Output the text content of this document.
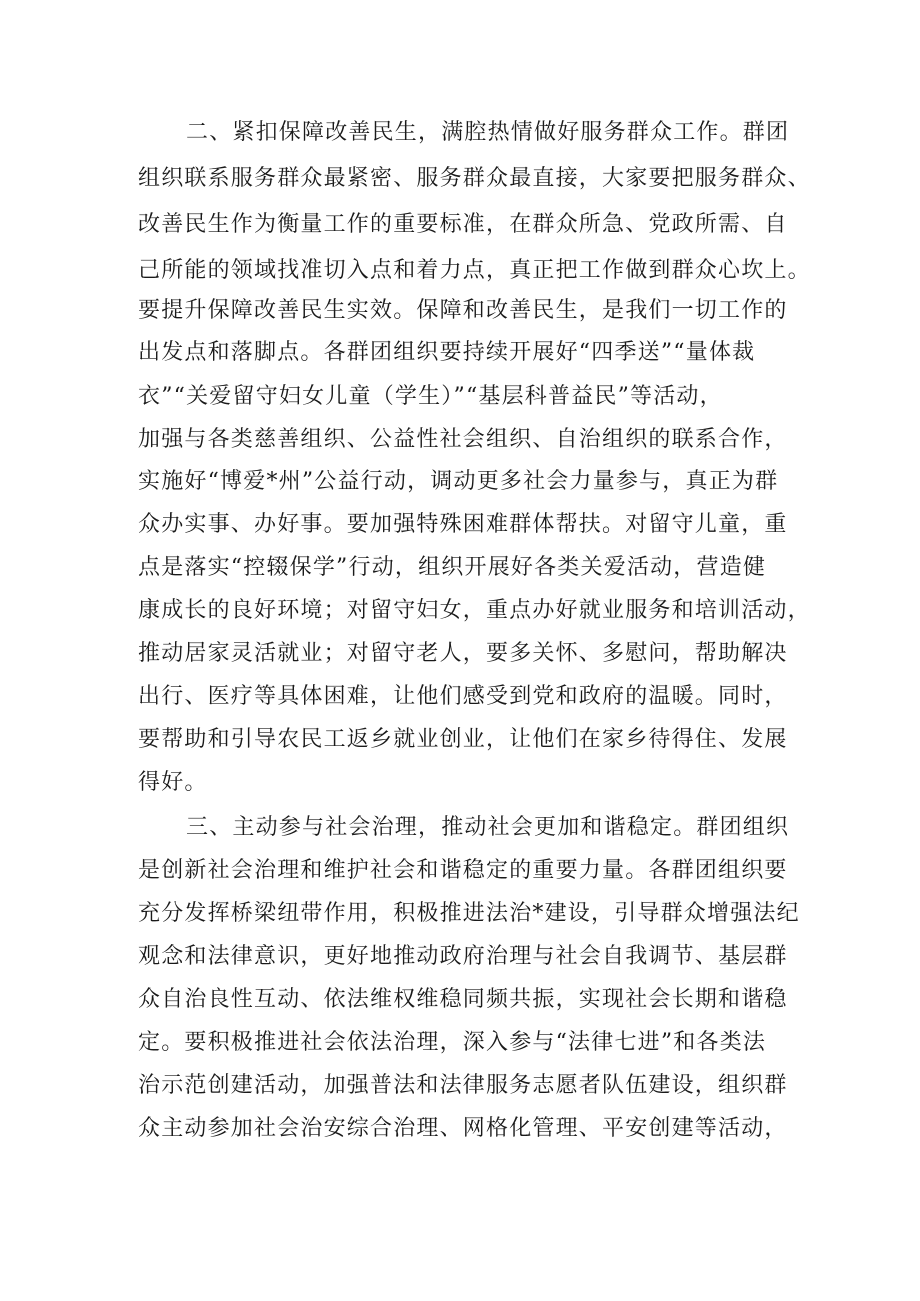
二、紧扣保障改善民生，满腔热情做好服务群众工作。群团
组织联系服务群众最紧密、服务群众最直接，大家要把服务群众、
改善民生作为衡量工作的重要标准，在群众所急、党政所需、自
己所能的领域找准切入点和着力点，真正把工作做到群众心坎上。
要提升保障改善民生实效。保障和改善民生，是我们一切工作的
出发点和落脚点。各群团组织要持续开展好“四季送”“量体裁
衣”“关爱留守妇女儿童（学生）”“基层科普益民”等活动，
加强与各类慈善组织、公益性社会组织、自治组织的联系合作，
实施好“博爱*州”公益行动，调动更多社会力量参与，真正为群
众办实事、办好事。要加强特殊困难群体帮扶。对留守儿童，重
点是落实“控辍保学”行动，组织开展好各类关爱活动，营造健
康成长的良好环境；对留守妇女，重点办好就业服务和培训活动，
推动居家灵活就业；对留守老人，要多关怀、多慰问，帮助解决
出行、医疗等具体困难，让他们感受到党和政府的温暖。同时，
要帮助和引导农民工返乡就业创业，让他们在家乡待得住、发展
得好。
三、主动参与社会治理，推动社会更加和谐稳定。群团组织
是创新社会治理和维护社会和谐稳定的重要力量。各群团组织要
充分发挥桥梁纽带作用，积极推进法治*建设，引导群众增强法纪
观念和法律意识，更好地推动政府治理与社会自我调节、基层群
众自治良性互动、依法维权维稳同频共振，实现社会长期和谐稳
定。要积极推进社会依法治理，深入参与“法律七进”和各类法
治示范创建活动，加强普法和法律服务志愿者队伍建设，组织群
众主动参加社会治安综合治理、网格化管理、平安创建等活动，
